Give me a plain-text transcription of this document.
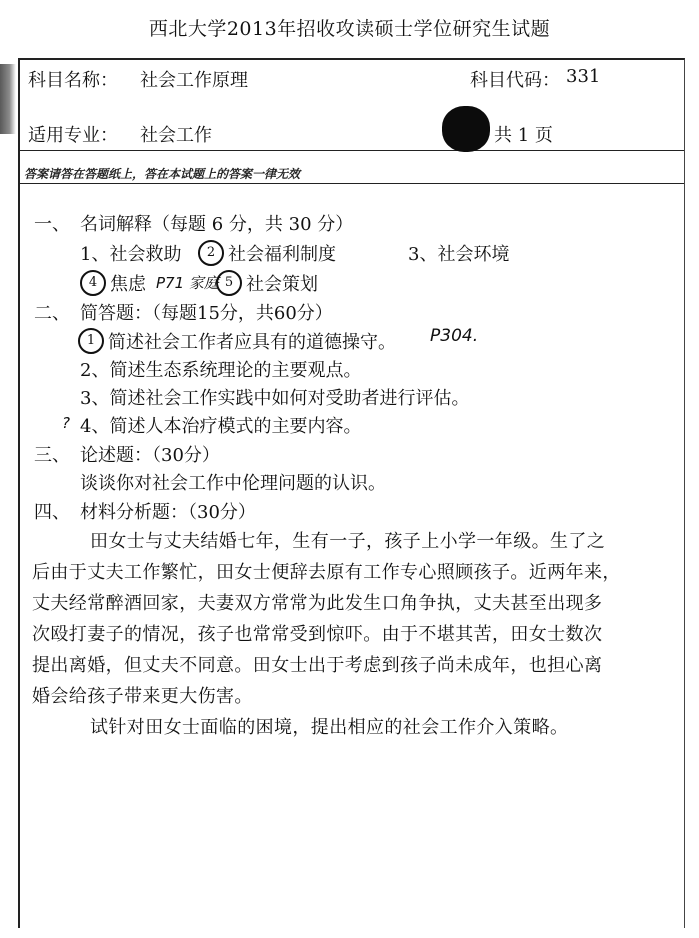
西北大学2013年招收攻读硕士学位研究生试题
科目名称： 社会工作原理	科目代码： 331
适用专业： 社会工作	共 1 页
答案请答在答题纸上，答在本试题上的答案一律无效
一、 名词解释（每题 6 分，共 30 分）
1、社会救助	2 社会福利制度	3、社会环境
4 焦虑 P71 家庭 5 社会策划
二、 简答题：（每题15分，共60分）
1 简述社会工作者应具有的道德操守。 P304.
2、简述生态系统理论的主要观点。
3、简述社会工作实践中如何对受助者进行评估。
? 4、简述人本治疗模式的主要内容。
三、 论述题：（30分）
谈谈你对社会工作中伦理问题的认识。
四、 材料分析题：（30分）
田女士与丈夫结婚七年，生有一子，孩子上小学一年级。生了之
后由于丈夫工作繁忙，田女士便辞去原有工作专心照顾孩子。近两年来，
丈夫经常醉酒回家，夫妻双方常常为此发生口角争执，丈夫甚至出现多
次殴打妻子的情况，孩子也常常受到惊吓。由于不堪其苦，田女士数次
提出离婚，但丈夫不同意。田女士出于考虑到孩子尚未成年，也担心离
婚会给孩子带来更大伤害。
试针对田女士面临的困境，提出相应的社会工作介入策略。
